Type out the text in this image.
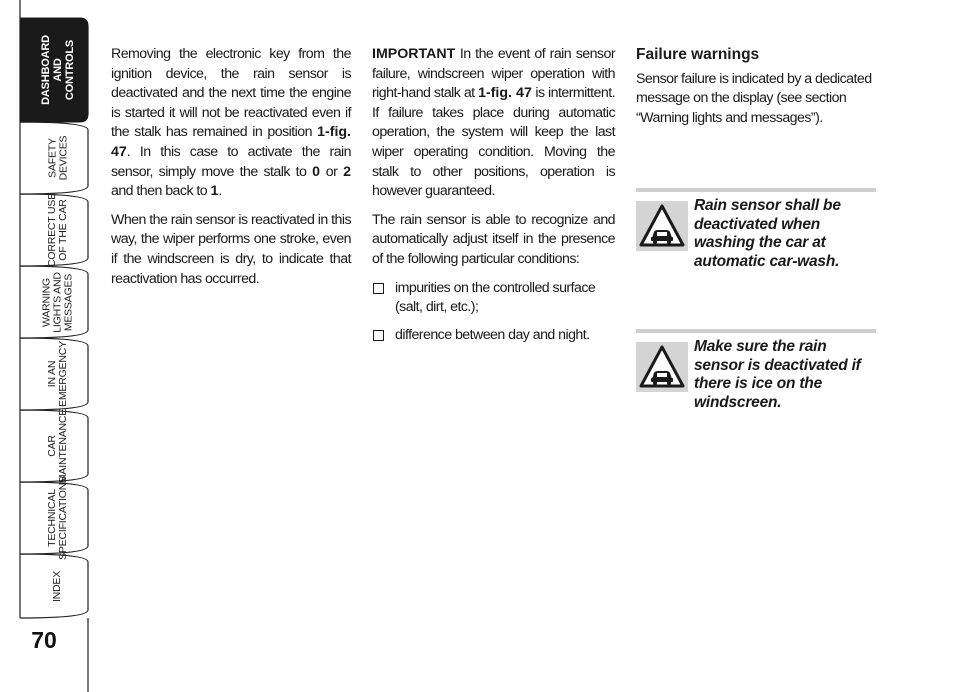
DASHBOARD
AND
CONTROLS
SAFETY
DEVICES
CORRECT USE
OF THE CAR
WARNING
LIGHTS AND
MESSAGES
IN AN
EMERGENCY
CAR
MAINTENANCE
TECHNICAL
SPECIFICATIONS
INDEX
70

Removing the electronic key from the ignition device, the rain sensor is deactivated and the next time the engine is started it will not be reactivated even if the stalk has remained in position 1-fig. 47. In this case to activate the rain sensor, simply move the stalk to 0 or 2 and then back to 1.

When the rain sensor is reactivated in this way, the wiper performs one stroke, even if the windscreen is dry, to indicate that reactivation has occurred.

IMPORTANT In the event of rain sensor failure, windscreen wiper operation with right-hand stalk at 1-fig. 47 is intermittent. If failure takes place during automatic operation, the system will keep the last wiper operating condition. Moving the stalk to other positions, operation is however guaranteed.

The rain sensor is able to recognize and automatically adjust itself in the presence of the following particular conditions:

impurities on the controlled surface (salt, dirt, etc.);
difference between day and night.
Failure warnings

Sensor failure is indicated by a dedicated message on the display (see section “Warning lights and messages”).

Rain sensor shall be deactivated when washing the car at automatic car-wash.
Make sure the rain sensor is deactivated if there is ice on the windscreen.
